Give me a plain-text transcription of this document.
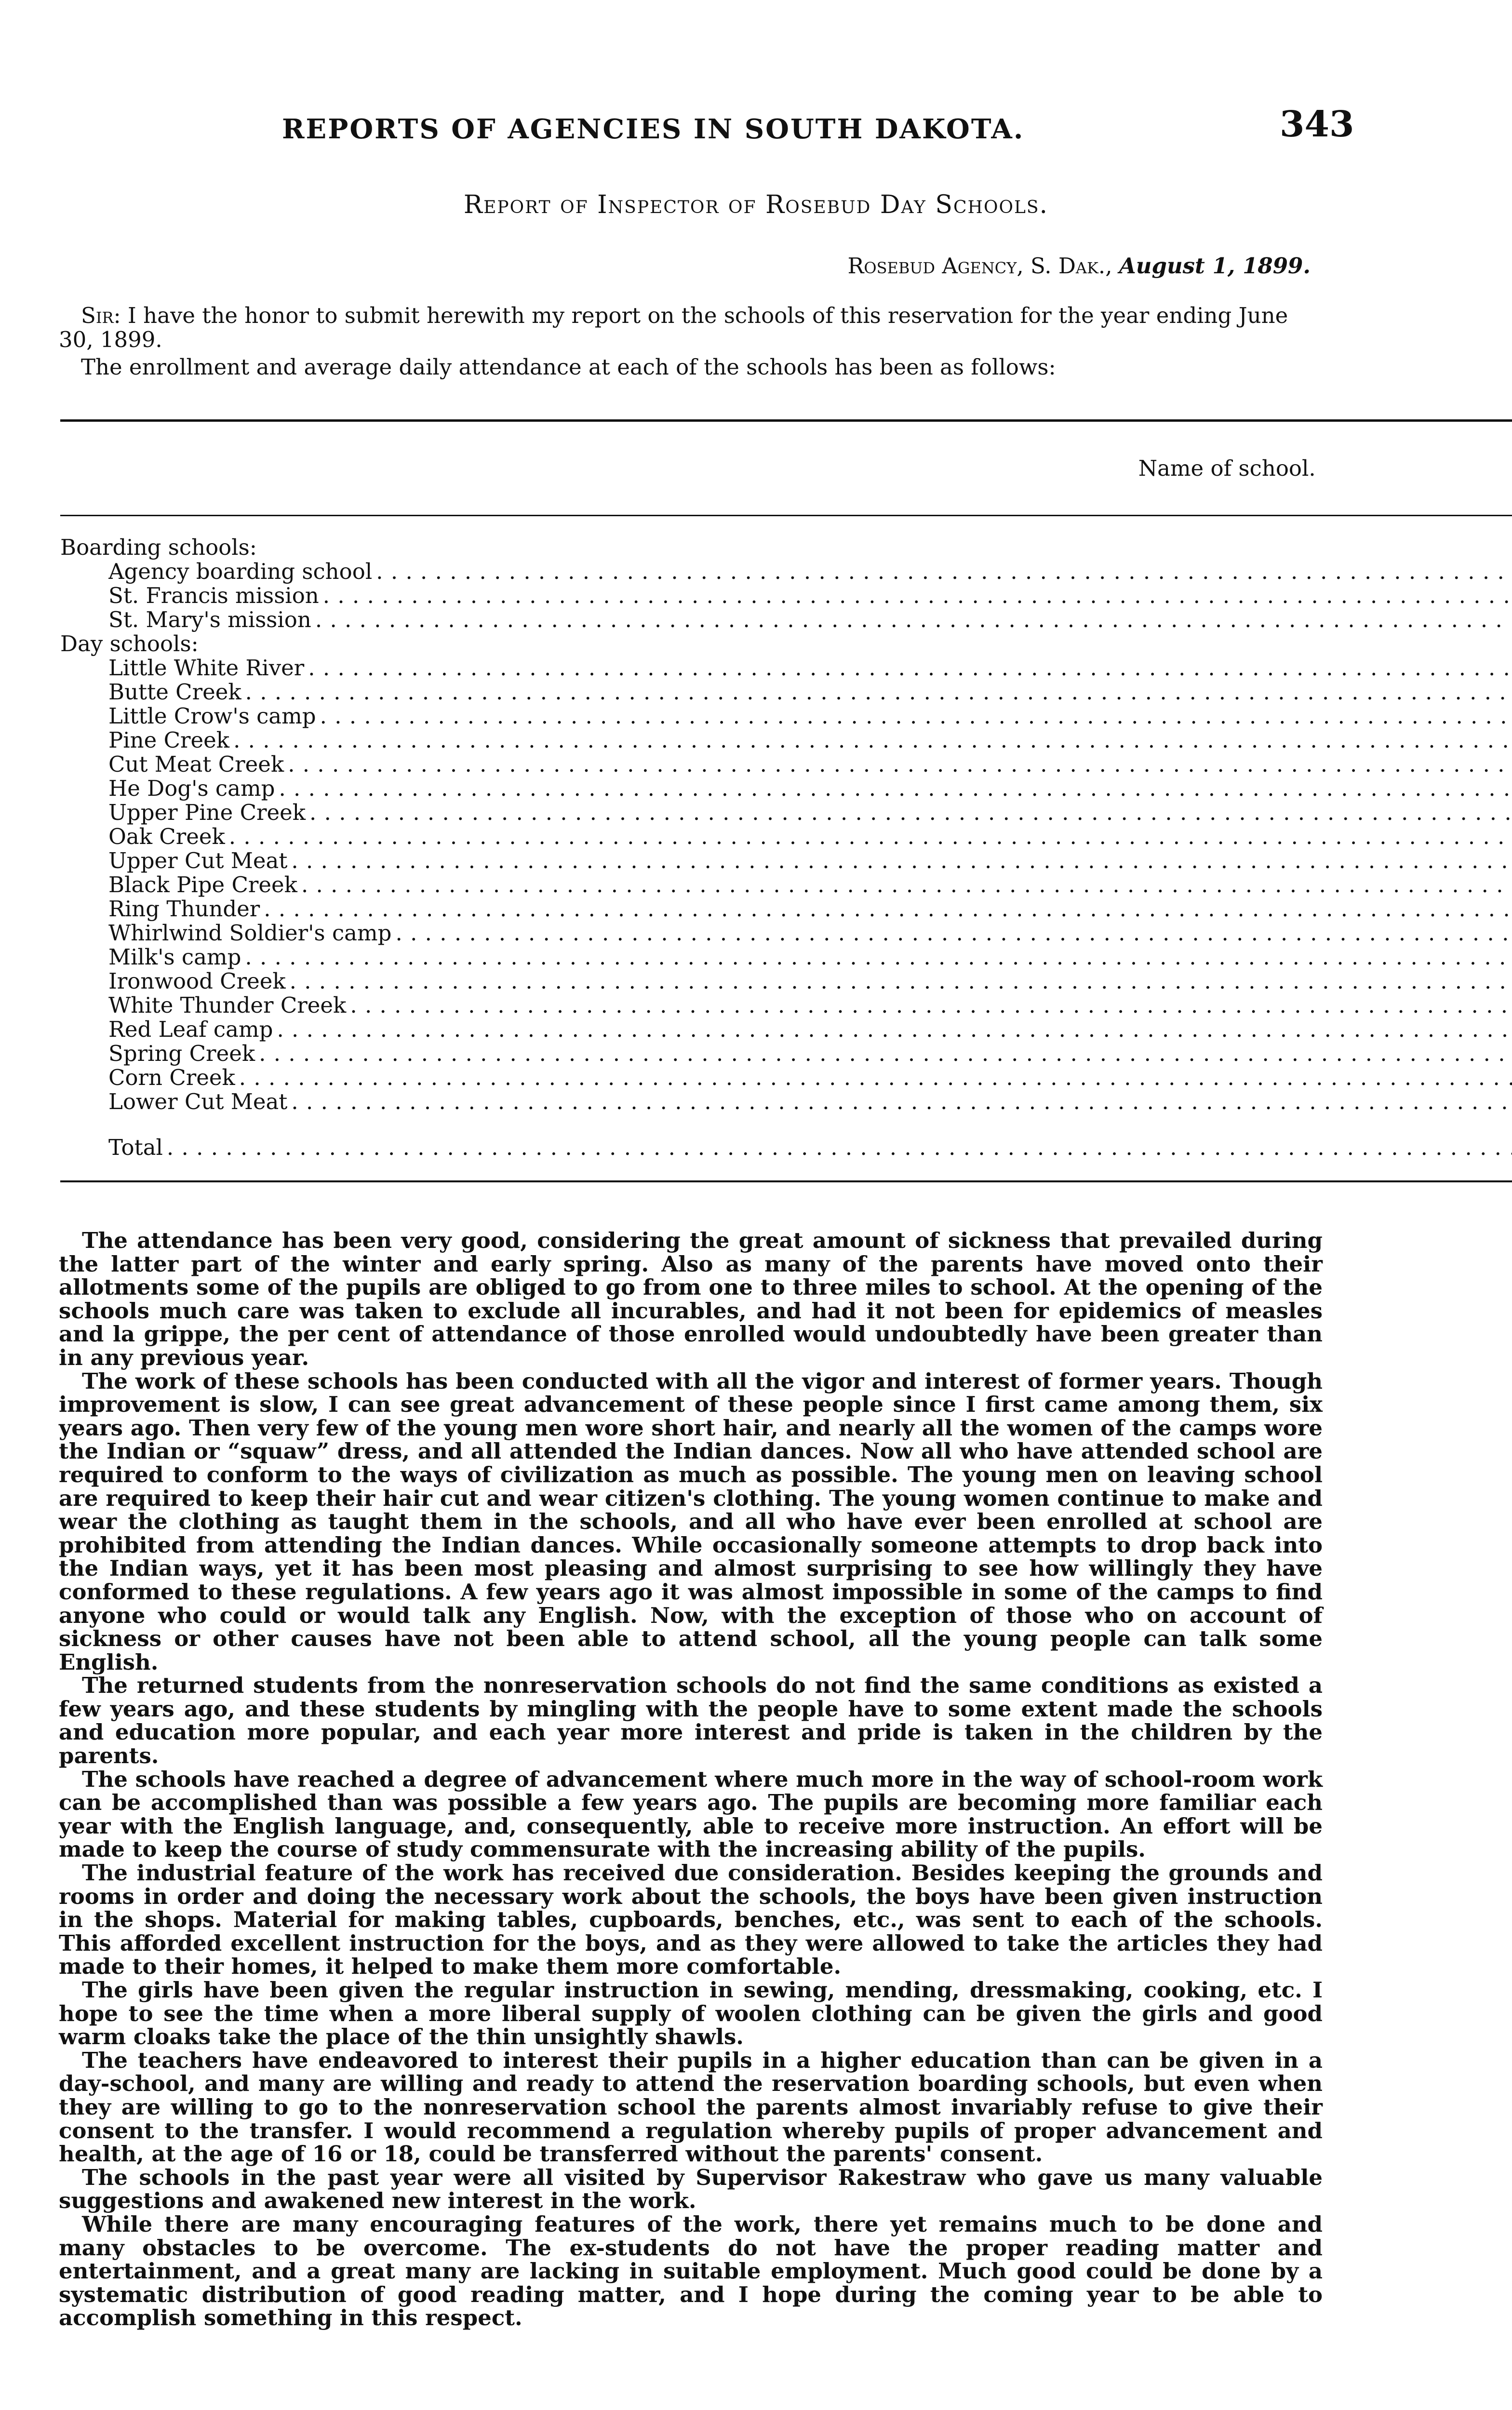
REPORTS OF AGENCIES IN SOUTH DAKOTA.	343
Report of Inspector of Rosebud Day Schools.
Rosebud Agency, S. Dak., August 1, 1899.

Sir: I have the honor to submit herewith my report on the schools of this reservation for the year ending June 30, 1899.

The enrollment and average daily attendance at each of the schools has been as follows:

Name of school.		

Boarding schools:		

Agency boarding school
. . .

St. Francis mission
. . .

St. Mary's mission
. . .

Day schools:		

Little White River
. . .

Butte Creek
. . .

Little Crow's camp
. . .

Pine Creek
. . .

Cut Meat Creek
. . .

He Dog's camp
. . .

Upper Pine Creek
. . .

Oak Creek
. . .

Upper Cut Meat
. . .

Black Pipe Creek
. . .

Ring Thunder
. . .

Whirlwind Soldier's camp
. . .

Milk's camp
. . .

Ironwood Creek
. . .

White Thunder Creek
. . .

Red Leaf camp
. . .

Spring Creek
. . .

Corn Creek
. . .

Lower Cut Meat
. . .

Total
. . .

The attendance has been very good, considering the great amount of sickness that prevailed during the latter part of the winter and early spring. Also as many of the parents have moved onto their allotments some of the pupils are obliged to go from one to three miles to school. At the opening of the schools much care was taken to exclude all incurables, and had it not been for epidemics of measles and la grippe, the per cent of attendance of those enrolled would undoubtedly have been greater than in any previous year.

The work of these schools has been conducted with all the vigor and interest of former years. Though improvement is slow, I can see great advancement of these people since I first came among them, six years ago. Then very few of the young men wore short hair, and nearly all the women of the camps wore the Indian or “squaw” dress, and all attended the Indian dances. Now all who have attended school are required to conform to the ways of civilization as much as possible. The young men on leaving school are required to keep their hair cut and wear citizen's clothing. The young women continue to make and wear the clothing as taught them in the schools, and all who have ever been enrolled at school are prohibited from attending the Indian dances. While occasionally someone attempts to drop back into the Indian ways, yet it has been most pleasing and almost surprising to see how willingly they have conformed to these regulations. A few years ago it was almost impossible in some of the camps to find anyone who could or would talk any English. Now, with the exception of those who on account of sickness or other causes have not been able to attend school, all the young people can talk some English.

The returned students from the nonreservation schools do not find the same conditions as existed a few years ago, and these students by mingling with the people have to some extent made the schools and education more popular, and each year more interest and pride is taken in the children by the parents.

The schools have reached a degree of advancement where much more in the way of school-room work can be accomplished than was possible a few years ago. The pupils are becoming more familiar each year with the English language, and, consequently, able to receive more instruction. An effort will be made to keep the course of study commensurate with the increasing ability of the pupils.

The industrial feature of the work has received due consideration. Besides keeping the grounds and rooms in order and doing the necessary work about the schools, the boys have been given instruction in the shops. Material for making tables, cupboards, benches, etc., was sent to each of the schools. This afforded excellent instruction for the boys, and as they were allowed to take the articles they had made to their homes, it helped to make them more comfortable.

The girls have been given the regular instruction in sewing, mending, dressmaking, cooking, etc. I hope to see the time when a more liberal supply of woolen clothing can be given the girls and good warm cloaks take the place of the thin unsightly shawls.

The teachers have endeavored to interest their pupils in a higher education than can be given in a day-school, and many are willing and ready to attend the reservation boarding schools, but even when they are willing to go to the nonreservation school the parents almost invariably refuse to give their consent to the transfer. I would recommend a regulation whereby pupils of proper advancement and health, at the age of 16 or 18, could be transferred without the parents' consent.

The schools in the past year were all visited by Supervisor Rakestraw who gave us many valuable suggestions and awakened new interest in the work.

While there are many encouraging features of the work, there yet remains much to be done and many obstacles to be overcome. The ex-students do not have the proper reading matter and entertainment, and a great many are lacking in suitable employment. Much good could be done by a systematic distribution of good reading matter, and I hope during the coming year to be able to accomplish something in this respect.
